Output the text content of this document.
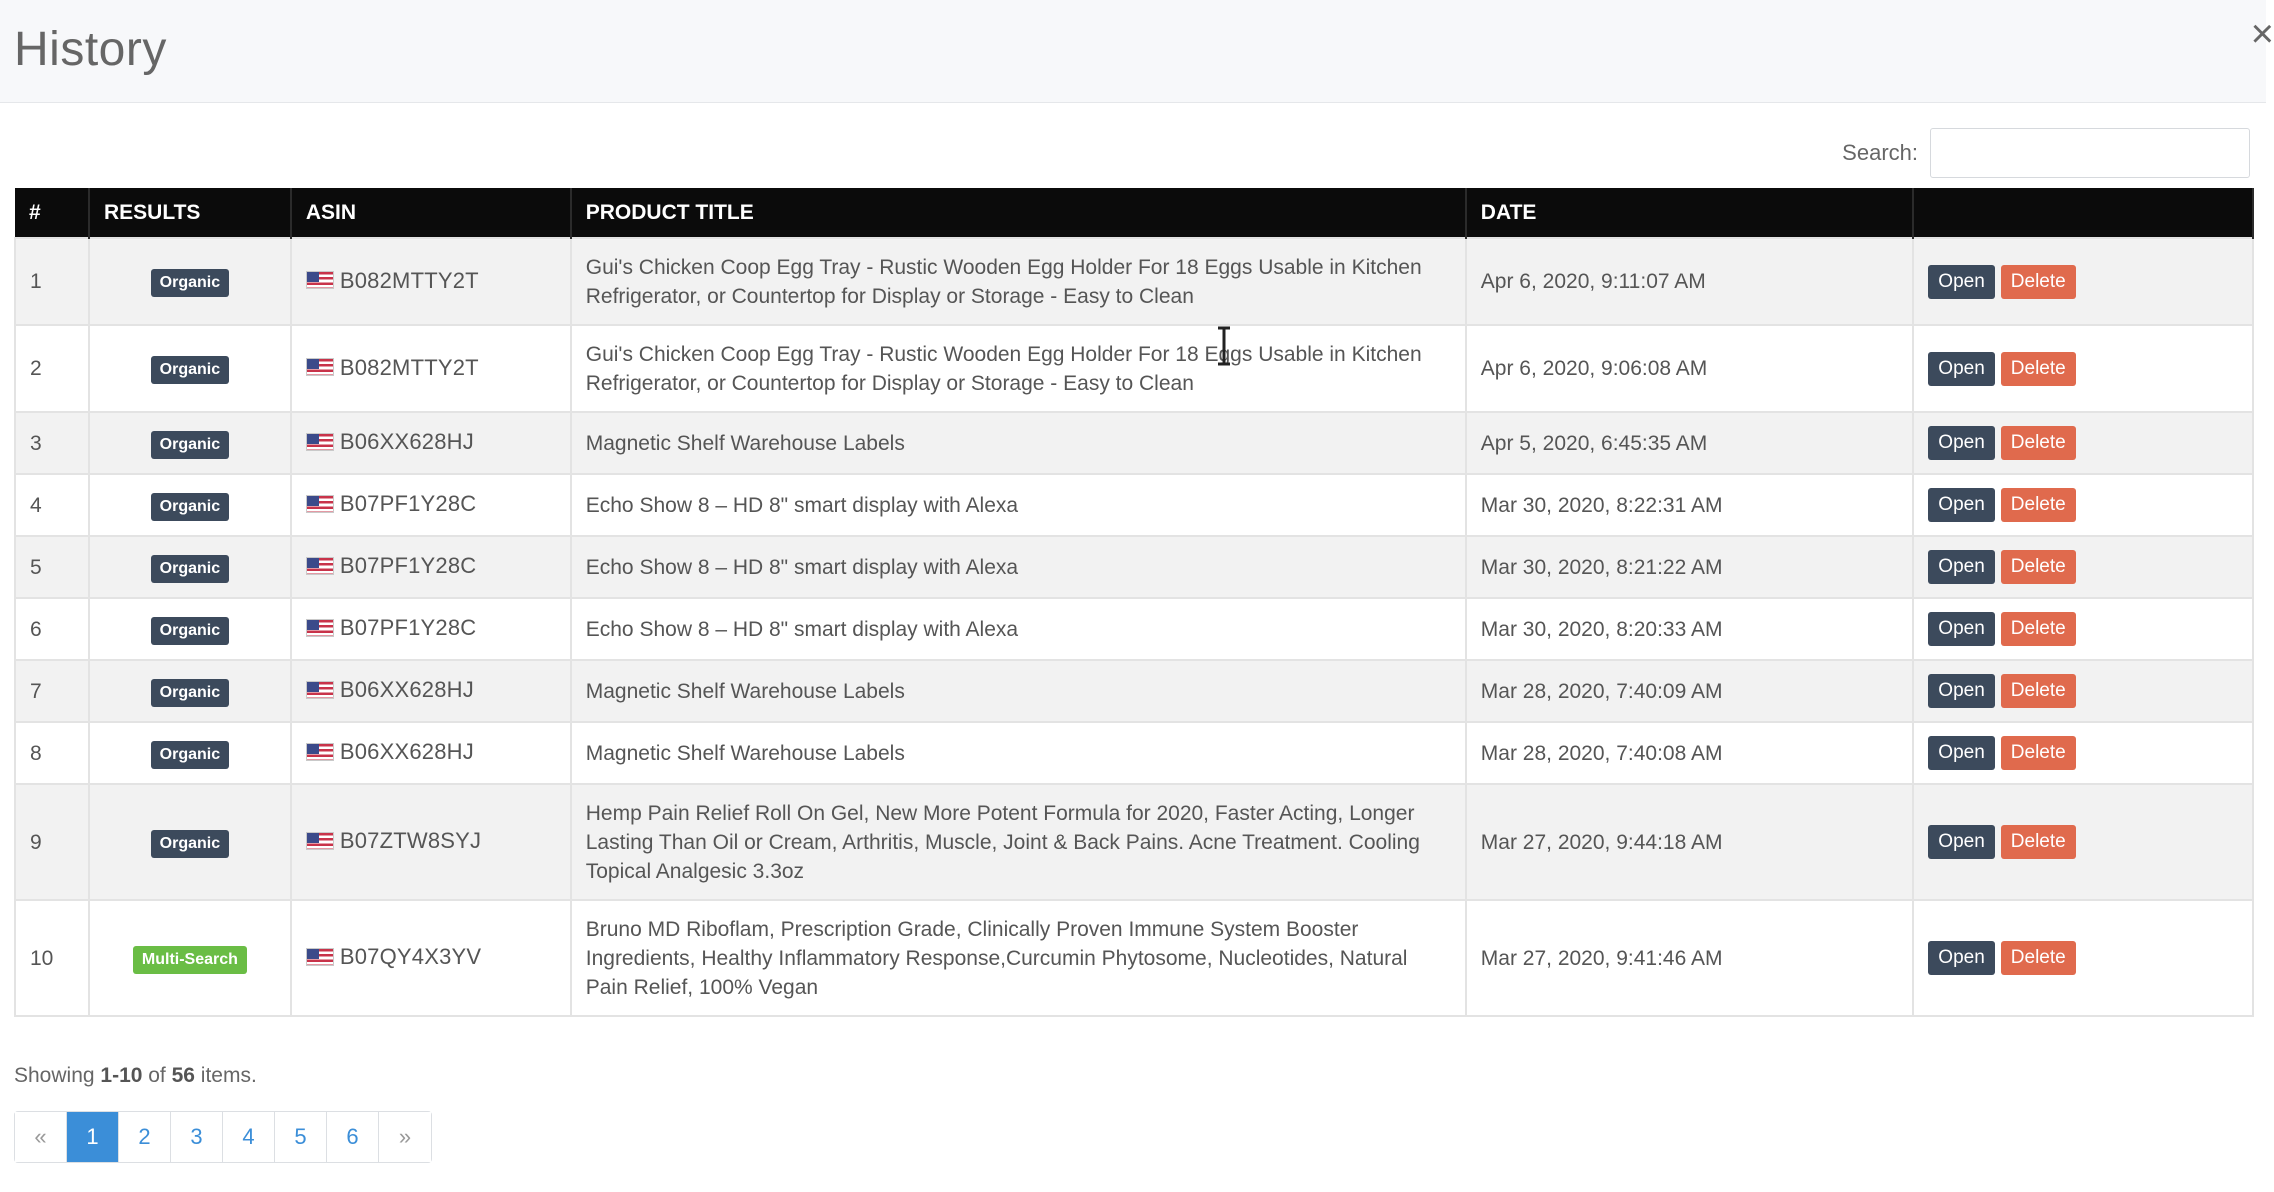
History	×
Search:
#	RESULTS	ASIN	PRODUCT TITLE	DATE	
1	Organic	B082MTTY2T	Gui's Chicken Coop Egg Tray - Rustic Wooden Egg Holder For 18 Eggs Usable in Kitchen Refrigerator, or Countertop for Display or Storage - Easy to Clean	Apr 6, 2020, 9:11:07 AM	Open Delete
2	Organic	B082MTTY2T	Gui's Chicken Coop Egg Tray - Rustic Wooden Egg Holder For 18 Eggs Usable in Kitchen Refrigerator, or Countertop for Display or Storage - Easy to Clean	Apr 6, 2020, 9:06:08 AM	Open Delete
3	Organic	B06XX628HJ	Magnetic Shelf Warehouse Labels	Apr 5, 2020, 6:45:35 AM	Open Delete
4	Organic	B07PF1Y28C	Echo Show 8 – HD 8" smart display with Alexa	Mar 30, 2020, 8:22:31 AM	Open Delete
5	Organic	B07PF1Y28C	Echo Show 8 – HD 8" smart display with Alexa	Mar 30, 2020, 8:21:22 AM	Open Delete
6	Organic	B07PF1Y28C	Echo Show 8 – HD 8" smart display with Alexa	Mar 30, 2020, 8:20:33 AM	Open Delete
7	Organic	B06XX628HJ	Magnetic Shelf Warehouse Labels	Mar 28, 2020, 7:40:09 AM	Open Delete
8	Organic	B06XX628HJ	Magnetic Shelf Warehouse Labels	Mar 28, 2020, 7:40:08 AM	Open Delete
9	Organic	B07ZTW8SYJ	Hemp Pain Relief Roll On Gel, New More Potent Formula for 2020, Faster Acting, Longer Lasting Than Oil or Cream, Arthritis, Muscle, Joint & Back Pains. Acne Treatment. Cooling Topical Analgesic 3.3oz	Mar 27, 2020, 9:44:18 AM	Open Delete
10	Multi-Search	B07QY4X3YV	Bruno MD Riboflam, Prescription Grade, Clinically Proven Immune System Booster Ingredients, Healthy Inflammatory Response,Curcumin Phytosome, Nucleotides, Natural Pain Relief, 100% Vegan	Mar 27, 2020, 9:41:46 AM	Open Delete
Showing 1-10 of 56 items.
«	1	2	3	4	5	6	»
